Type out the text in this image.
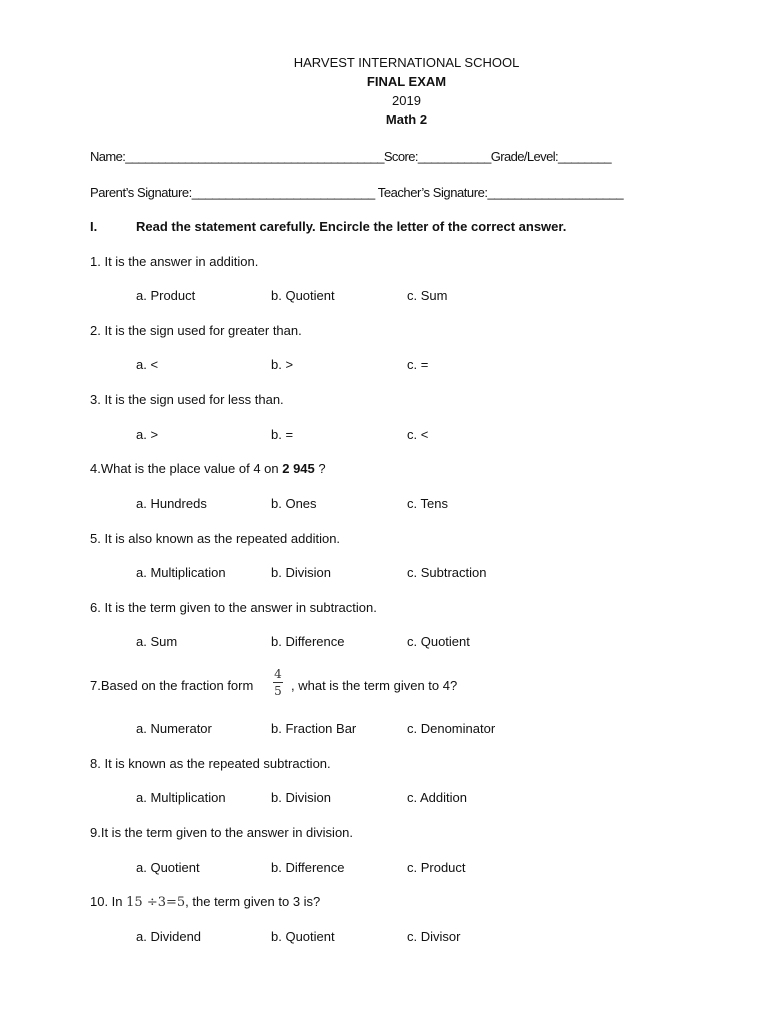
HARVEST INTERNATIONAL SCHOOL
FINAL EXAM
2019
Math 2
Name:_______________________________________Score:___________Grade/Level:________
Parent’s Signature:___________________________ Teacher’s Signature:____________________
I.	Read the statement carefully. Encircle the letter of the correct answer.
1. It is the answer in addition.
a. Product	b. Quotient	c. Sum
2. It is the sign used for greater than.
a. <	b. >	c. =
3. It is the sign used for less than.
a. >	b. =	c. <
4.What is the place value of 4 on 2 945 ?
a. Hundreds	b. Ones	c. Tens
5. It is also known as the repeated addition.
a. Multiplication	b. Division	c. Subtraction
6. It is the term given to the answer in subtraction.
a. Sum	b. Difference	c. Quotient
7.Based on the fraction form
4
5 , what is the term given to 4?
a. Numerator	b. Fraction Bar	c. Denominator
8. It is known as the repeated subtraction.
a. Multiplication	b. Division	c. Addition
9.It is the term given to the answer in division.
a. Quotient	b. Difference	c. Product
10. In 15 ÷3=5, the term given to 3 is?
a. Dividend	b. Quotient	c. Divisor
